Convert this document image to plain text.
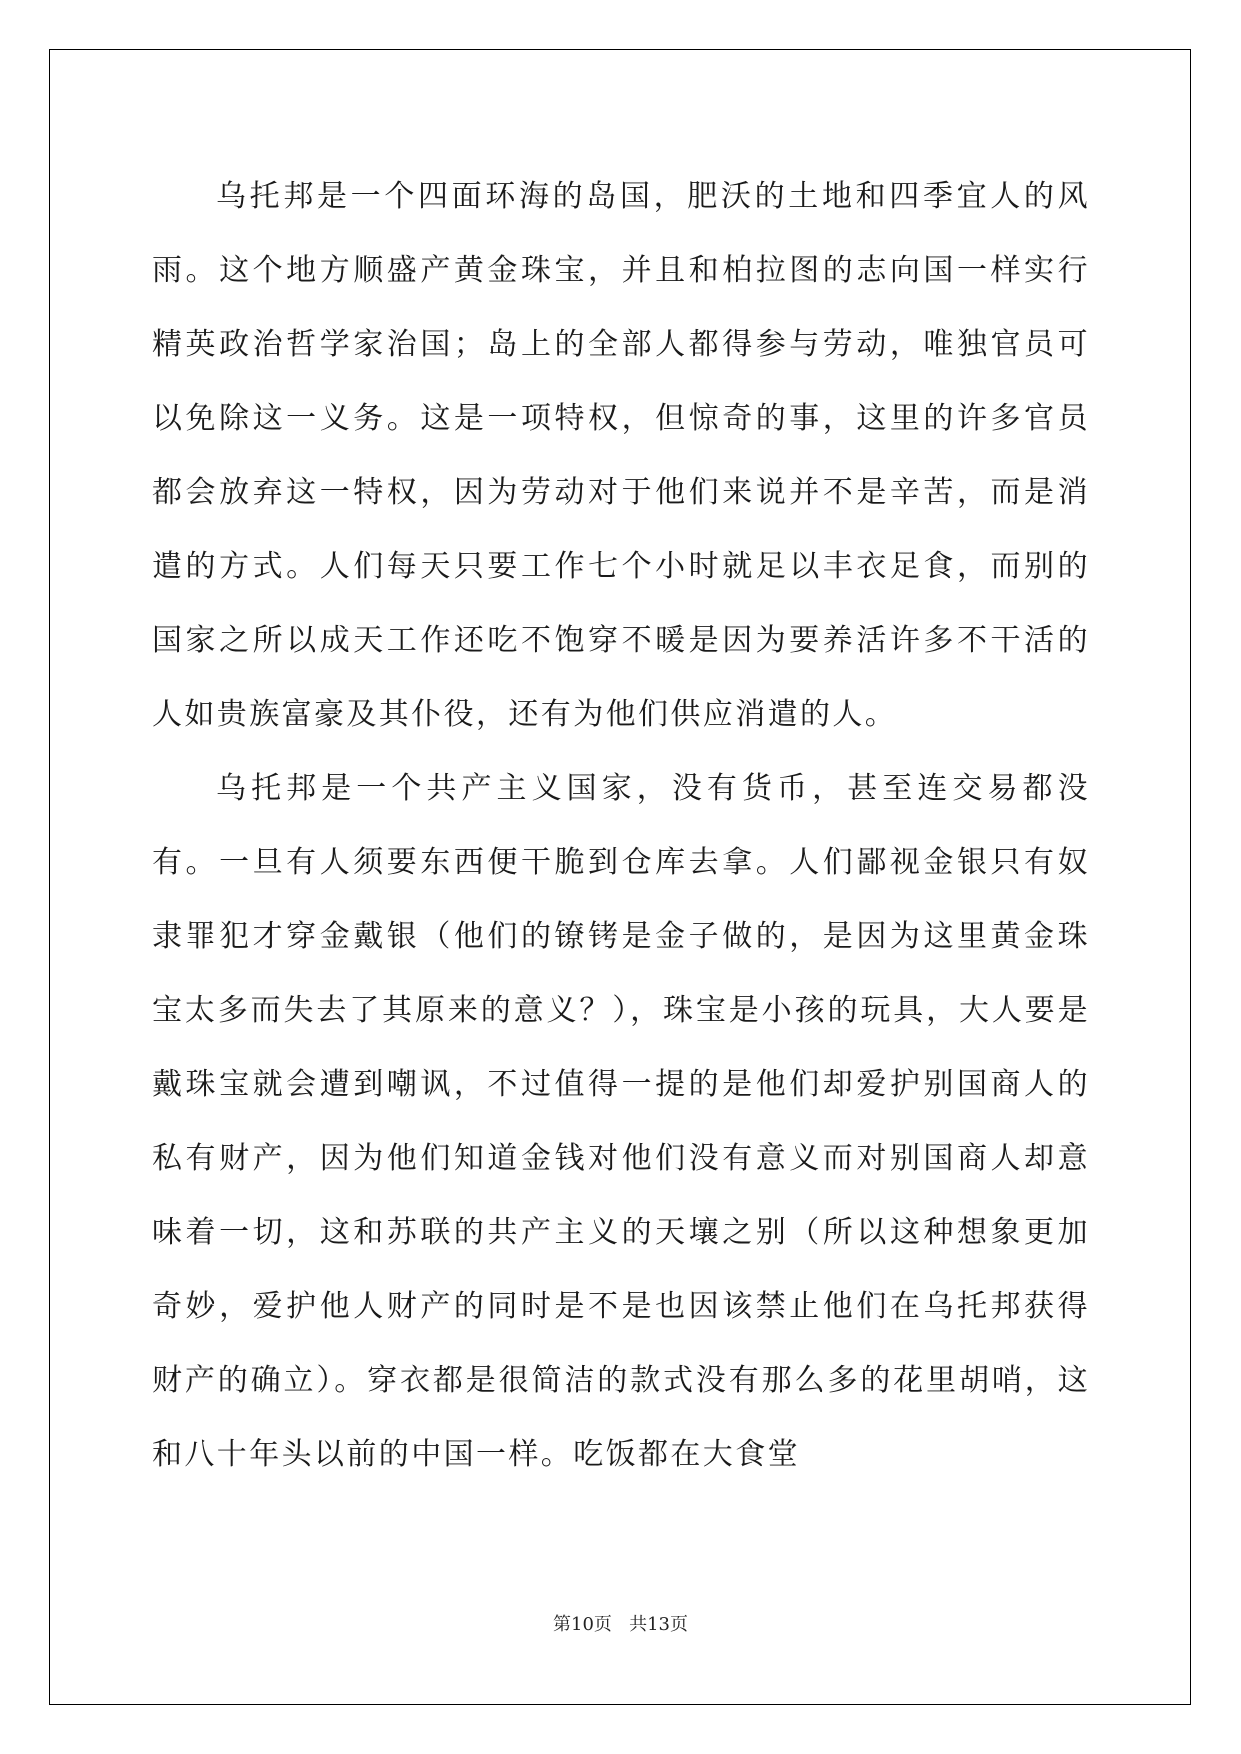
乌托邦是一个四面环海的岛国，肥沃的土地和四季宜人的风雨。这个地方顺盛产黄金珠宝，并且和柏拉图的志向国一样实行精英政治哲学家治国；岛上的全部人都得参与劳动，唯独官员可以免除这一义务。这是一项特权，但惊奇的事，这里的许多官员都会放弃这一特权，因为劳动对于他们来说并不是辛苦，而是消遣的方式。人们每天只要工作七个小时就足以丰衣足食，而别的国家之所以成天工作还吃不饱穿不暖是因为要养活许多不干活的人如贵族富豪及其仆役，还有为他们供应消遣的人。

乌托邦是一个共产主义国家，没有货币，甚至连交易都没有。一旦有人须要东西便干脆到仓库去拿。人们鄙视金银只有奴隶罪犯才穿金戴银（他们的镣铐是金子做的，是因为这里黄金珠宝太多而失去了其原来的意义？），珠宝是小孩的玩具，大人要是戴珠宝就会遭到嘲讽，不过值得一提的是他们却爱护别国商人的私有财产，因为他们知道金钱对他们没有意义而对别国商人却意味着一切，这和苏联的共产主义的天壤之别（所以这种想象更加奇妙，爱护他人财产的同时是不是也因该禁止他们在乌托邦获得财产的确立）。穿衣都是很简洁的款式没有那么多的花里胡哨，这和八十年头以前的中国一样。吃饭都在大食堂

第10页 共13页
